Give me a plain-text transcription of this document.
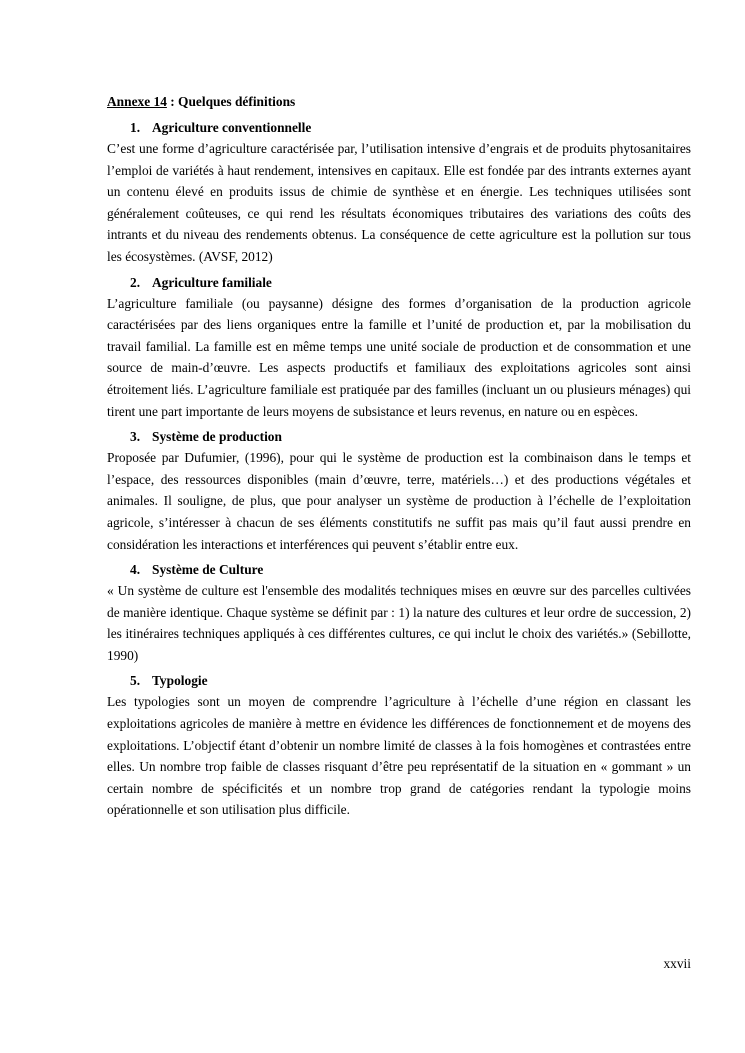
Annexe 14 : Quelques définitions
1. Agriculture conventionnelle

C’est une forme d’agriculture caractérisée par, l’utilisation intensive d’engrais et de produits phytosanitaires l’emploi de variétés à haut rendement, intensives en capitaux. Elle est fondée par des intrants externes ayant un contenu élevé en produits issus de chimie de synthèse et en énergie. Les techniques utilisées sont généralement coûteuses, ce qui rend les résultats économiques tributaires des variations des coûts des intrants et du niveau des rendements obtenus. La conséquence de cette agriculture est la pollution sur tous les écosystèmes. (AVSF, 2012)

2. Agriculture familiale

L’agriculture familiale (ou paysanne) désigne des formes d’organisation de la production agricole caractérisées par des liens organiques entre la famille et l’unité de production et, par la mobilisation du travail familial. La famille est en même temps une unité sociale de production et de consommation et une source de main-d’œuvre. Les aspects productifs et familiaux des exploitations agricoles sont ainsi étroitement liés. L’agriculture familiale est pratiquée par des familles (incluant un ou plusieurs ménages) qui tirent une part importante de leurs moyens de subsistance et leurs revenus, en nature ou en espèces.

3. Système de production

Proposée par Dufumier, (1996), pour qui le système de production est la combinaison dans le temps et l’espace, des ressources disponibles (main d’œuvre, terre, matériels…) et des productions végétales et animales. Il souligne, de plus, que pour analyser un système de production à l’échelle de l’exploitation agricole, s’intéresser à chacun de ses éléments constitutifs ne suffit pas mais qu’il faut aussi prendre en considération les interactions et interférences qui peuvent s’établir entre eux.

4. Système de Culture

« Un système de culture est l'ensemble des modalités techniques mises en œuvre sur des parcelles cultivées de manière identique. Chaque système se définit par : 1) la nature des cultures et leur ordre de succession, 2) les itinéraires techniques appliqués à ces différentes cultures, ce qui inclut le choix des variétés.» (Sebillotte, 1990)

5. Typologie

Les typologies sont un moyen de comprendre l’agriculture à l’échelle d’une région en classant les exploitations agricoles de manière à mettre en évidence les différences de fonctionnement et de moyens des exploitations. L’objectif étant d’obtenir un nombre limité de classes à la fois homogènes et contrastées entre elles. Un nombre trop faible de classes risquant d’être peu représentatif de la situation en « gommant » un certain nombre de spécificités et un nombre trop grand de catégories rendant la typologie moins opérationnelle et son utilisation plus difficile.

xxvii
